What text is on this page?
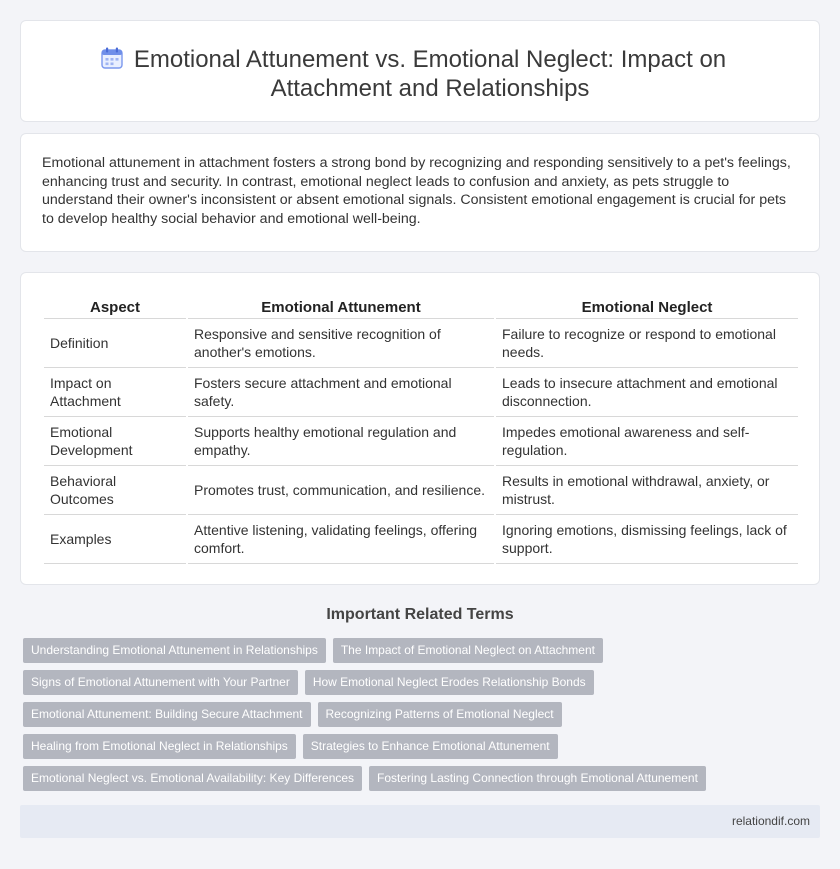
Emotional Attunement vs. Emotional Neglect: Impact on Attachment and Relationships

Emotional attunement in attachment fosters a strong bond by recognizing and responding sensitively to a pet's feelings, enhancing trust and security. In contrast, emotional neglect leads to confusion and anxiety, as pets struggle to understand their owner's inconsistent or absent emotional signals. Consistent emotional engagement is crucial for pets to develop healthy social behavior and emotional well-being.

Aspect	Emotional Attunement	Emotional Neglect
Definition	Responsive and sensitive recognition of another's emotions.	Failure to recognize or respond to emotional needs.
Impact on Attachment	Fosters secure attachment and emotional safety.	Leads to insecure attachment and emotional disconnection.
Emotional Development	Supports healthy emotional regulation and empathy.	Impedes emotional awareness and self-regulation.
Behavioral Outcomes	Promotes trust, communication, and resilience.	Results in emotional withdrawal, anxiety, or mistrust.
Examples	Attentive listening, validating feelings, offering comfort.	Ignoring emotions, dismissing feelings, lack of support.
Important Related Terms
Understanding Emotional Attunement in Relationships The Impact of Emotional Neglect on Attachment
Signs of Emotional Attunement with Your Partner How Emotional Neglect Erodes Relationship Bonds
Emotional Attunement: Building Secure Attachment Recognizing Patterns of Emotional Neglect
Healing from Emotional Neglect in Relationships Strategies to Enhance Emotional Attunement
Emotional Neglect vs. Emotional Availability: Key Differences Fostering Lasting Connection through Emotional Attunement
relationdif.com
